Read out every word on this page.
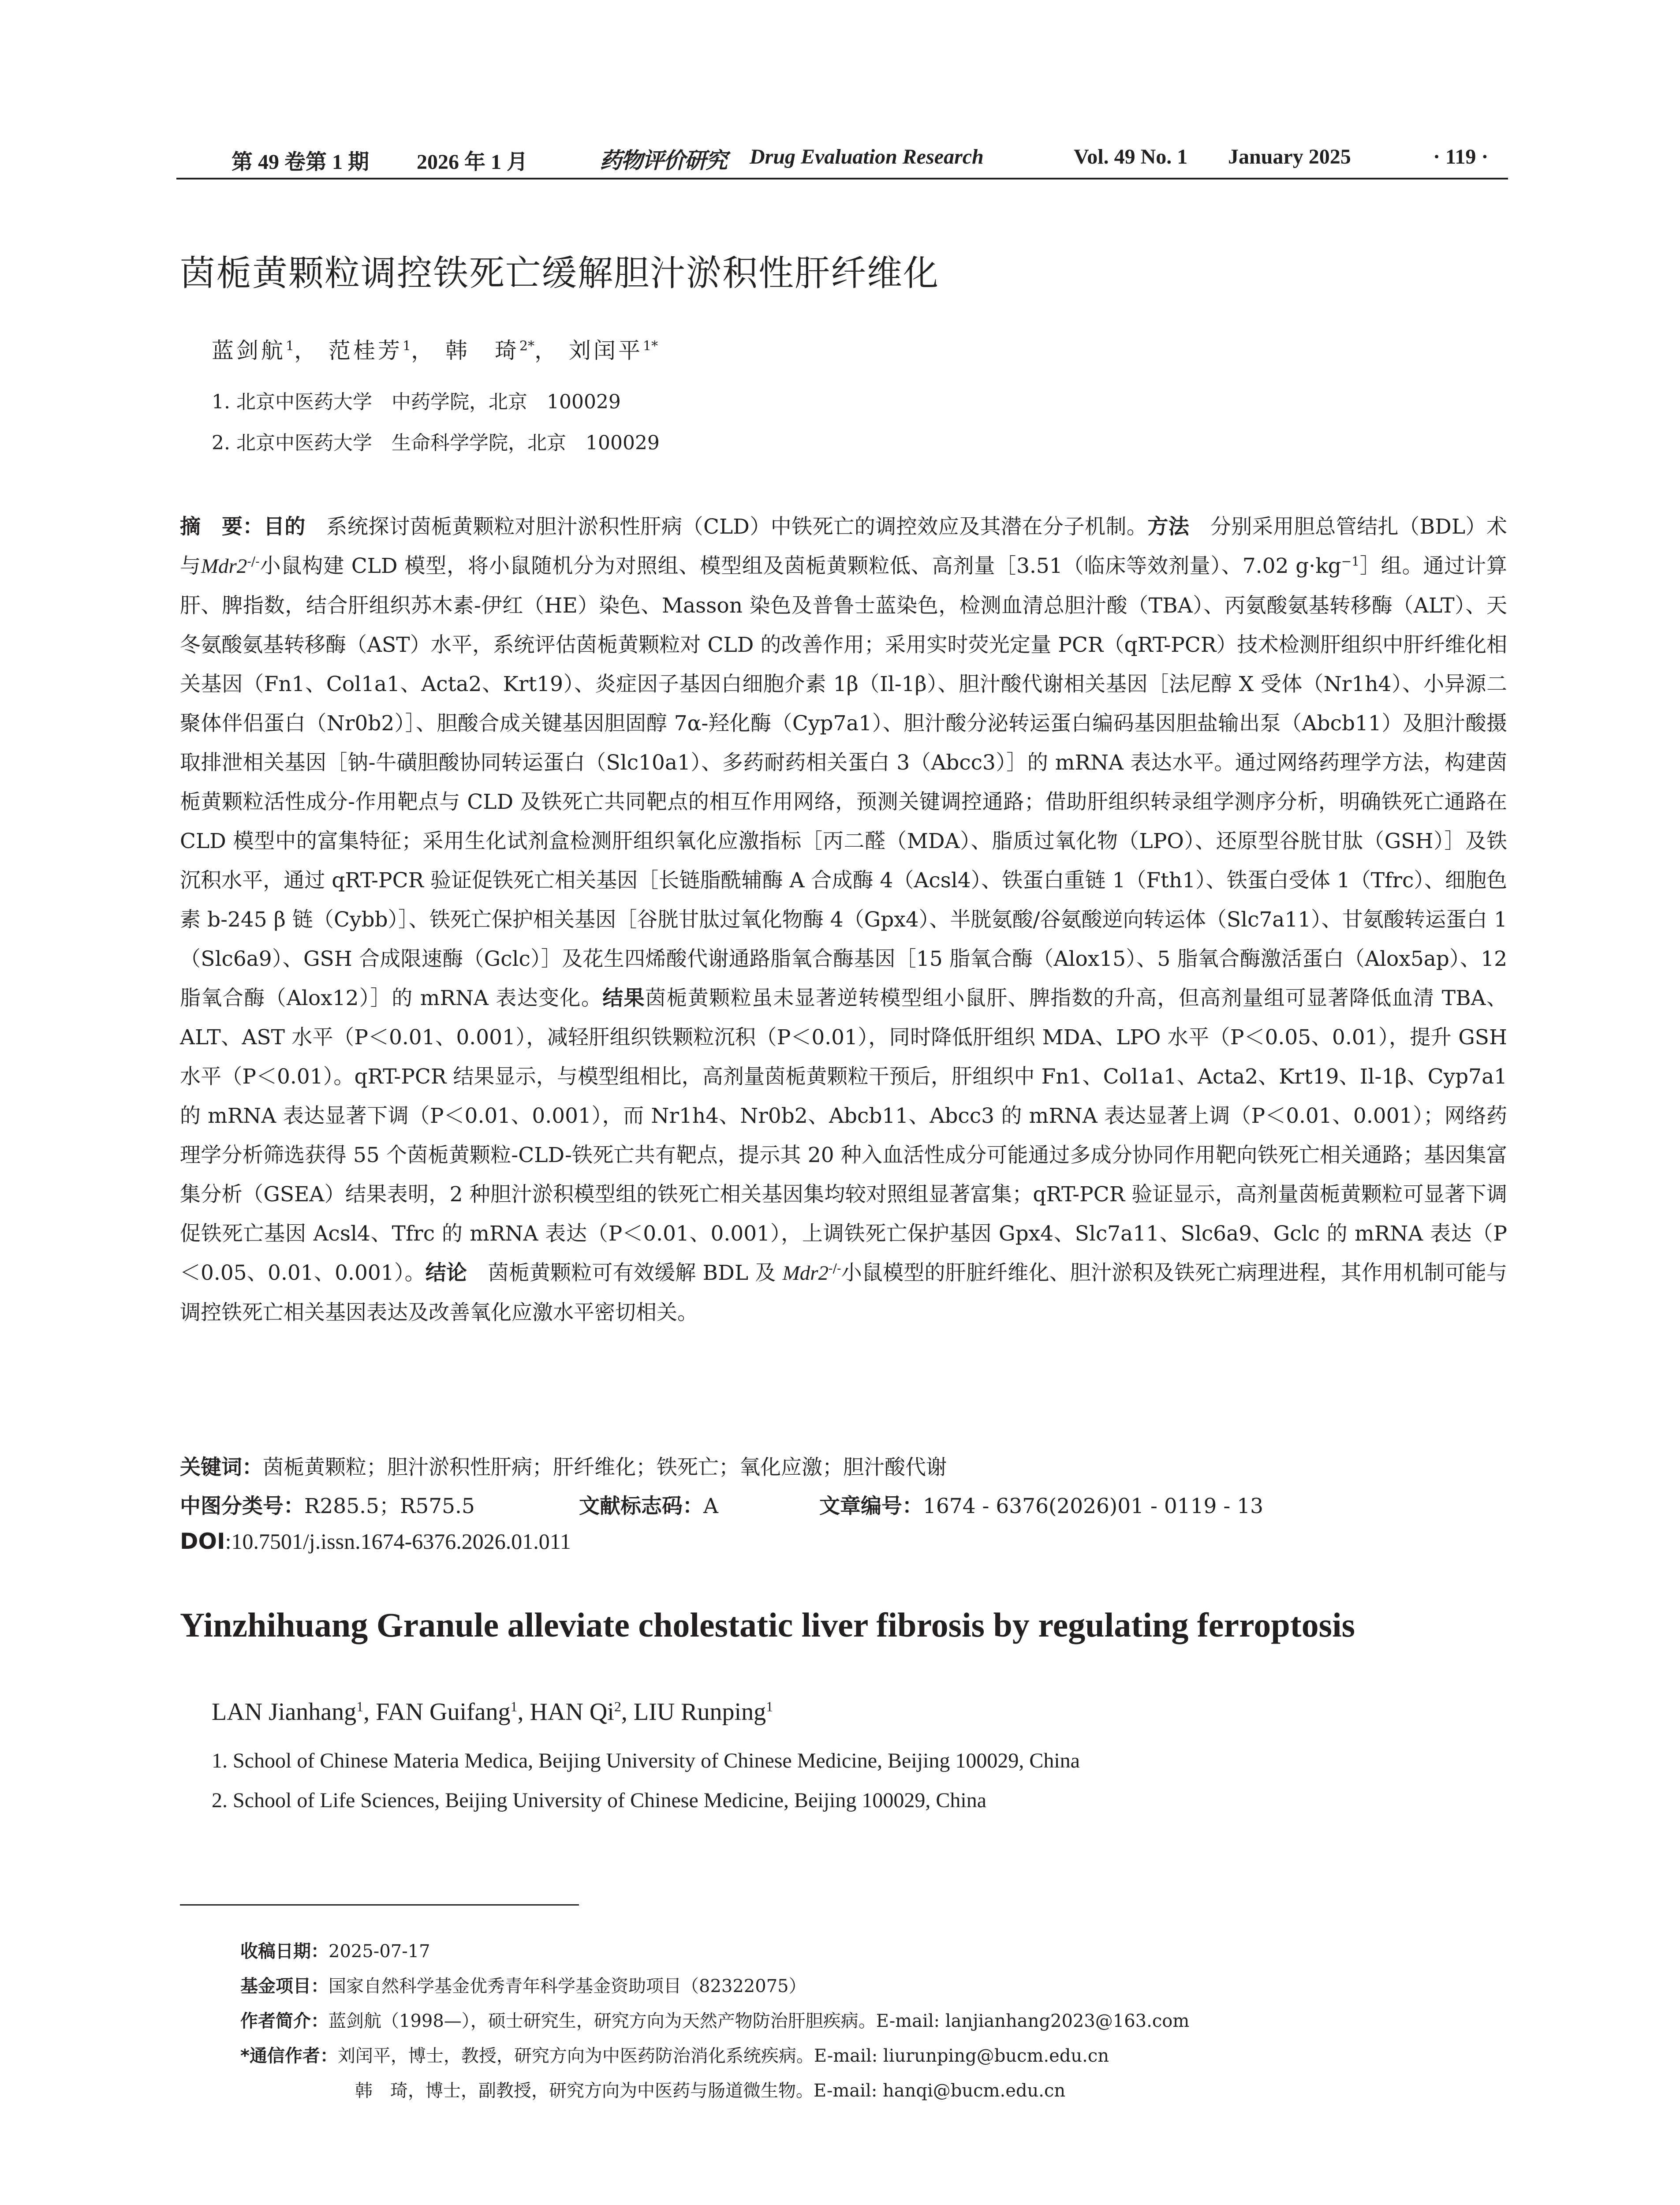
第 49 卷第 1 期 2026 年 1 月	药物评价研究 Drug Evaluation Research	Vol. 49 No. 1 January 2025	· 119 ·
茵栀黄颗粒调控铁死亡缓解胆汁淤积性肝纤维化
蓝剑航$^1$， 范桂芳$^1$， 韩　琦$^{2*}$， 刘闰平$^{1*}$
1. 北京中医药大学　中药学院，北京　100029
2. 北京中医药大学　生命科学学院，北京　100029
摘　要：目的　 系统探讨茵栀黄颗粒对胆汁淤积性肝病（CLD）中铁死亡的调控效应及其潜在分子机制。方法　 分别采用胆总管结扎（BDL）术与Mdr2-/-小鼠构建 CLD 模型，将小鼠随机分为对照组、模型组及茵栀黄颗粒低、高剂量［3.51（临床等效剂量）、7.02 $g\cdot kg^{-1}]$组。通过计算肝、脾指数，结合肝组织苏木素-伊红（HE）染色、Masson 染色及普鲁士蓝染色，检测血清总胆汁酸（TBA）、丙氨酸氨基转移酶（ALT）、天冬氨酸氨基转移酶（AST）水平，系统评估茵栀黄颗粒对 CLD 的改善作用；采用实时荧光定量 PCR（qRT-PCR）技术检测肝组织中肝纤维化相关基因（Fn1、Col1a1、Acta2、Krt19）、炎症因子基因白细胞介素 1β（Il-1β）、胆汁酸代谢相关基因［法尼醇 X 受体（Nr1h4）、小异源二聚体伴侣蛋白（Nr0b2）］、胆酸合成关键基因胆固醇 7α-羟化酶（Cyp7a1）、胆汁酸分泌转运蛋白编码基因胆盐输出泵（Abcb11）及胆汁酸摄取排泄相关基因［钠-牛磺胆酸协同转运蛋白（Slc10a1）、多药耐药相关蛋白 3（Abcc3）］的 mRNA 表达水平。通过网络药理学方法，构建茵栀黄颗粒活性成分-作用靶点与 CLD 及铁死亡共同靶点的相互作用网络，预测关键调控通路；借助肝组织转录组学测序分析，明确铁死亡通路在 CLD 模型中的富集特征；采用生化试剂盒检测肝组织氧化应激指标［丙二醛（MDA）、脂质过氧化物（LPO）、还原型谷胱甘肽（GSH）］及铁沉积水平，通过 qRT-PCR 验证促铁死亡相关基因［长链脂酰辅酶 A 合成酶 4（Acsl4）、铁蛋白重链 1（Fth1）、铁蛋白受体 1（Tfrc）、细胞色素 b-245 β 链（Cybb）］、铁死亡保护相关基因［谷胱甘肽过氧化物酶 4（Gpx4）、半胱氨酸/谷氨酸逆向转运体（Slc7a11）、甘氨酸转运蛋白 1（Slc6a9）、GSH 合成限速酶（Gclc）］及花生四烯酸代谢通路脂氧合酶基因［15 脂氧合酶（Alox15）、5 脂氧合酶激活蛋白（Alox5ap）、12 脂氧合酶（Alox12）］的 mRNA 表达变化。结果茵栀黄颗粒虽未显著逆转模型组小鼠肝、脾指数的升高，但高剂量组可显著降低血清 TBA、ALT、AST 水平（P＜0.01、0.001），减轻肝组织铁颗粒沉积（P＜0.01），同时降低肝组织 MDA、LPO 水平（P＜0.05、0.01），提升 GSH 水平（P＜0.01）。qRT-PCR 结果显示，与模型组相比，高剂量茵栀黄颗粒干预后，肝组织中 Fn1、Col1a1、Acta2、Krt19、Il-1β、Cyp7a1 的 mRNA 表达显著下调（P＜0.01、0.001），而 Nr1h4、Nr0b2、Abcb11、Abcc3 的 mRNA 表达显著上调（P＜0.01、0.001）；网络药理学分析筛选获得 55 个茵栀黄颗粒-CLD-铁死亡共有靶点，提示其 20 种入血活性成分可能通过多成分协同作用靶向铁死亡相关通路；基因集富集分析（GSEA）结果表明，2 种胆汁淤积模型组的铁死亡相关基因集均较对照组显著富集；qRT-PCR 验证显示，高剂量茵栀黄颗粒可显著下调促铁死亡基因 Acsl4、Tfrc 的 mRNA 表达（P＜0.01、0.001），上调铁死亡保护基因 Gpx4、Slc7a11、Slc6a9、Gclc 的 mRNA 表达（P＜0.05、0.01、0.001）。结论　 茵栀黄颗粒可有效缓解 BDL 及 Mdr2-/-小鼠模型的肝脏纤维化、胆汁淤积及铁死亡病理进程，其作用机制可能与调控铁死亡相关基因表达及改善氧化应激水平密切相关。
关键词：茵栀黄颗粒；胆汁淤积性肝病；肝纤维化；铁死亡；氧化应激；胆汁酸代谢
中图分类号：R285.5；R575.5	文献标志码：A	文章编号：1674 - 6376(2026)01 - 0119 - 13
DOI:10.7501/j.issn.1674-6376.2026.01.011
Yinzhihuang Granule alleviate cholestatic liver fibrosis by regulating ferroptosis
LAN Jianhang$^1$, FAN Guifang$^1$, HAN Qi$^2$, LIU Runping$^1$
1. School of Chinese Materia Medica, Beijing University of Chinese Medicine, Beijing 100029, China
2. School of Life Sciences, Beijing University of Chinese Medicine, Beijing 100029, China
收稿日期：2025-07-17
基金项目：国家自然科学基金优秀青年科学基金资助项目（82322075）
作者简介：蓝剑航（1998—），硕士研究生，研究方向为天然产物防治肝胆疾病。E-mail: lanjianhang2023@163.com
*通信作者：刘闰平，博士，教授，研究方向为中医药防治消化系统疾病。E-mail: liurunping@bucm.edu.cn
韩　琦，博士，副教授，研究方向为中医药与肠道微生物。E-mail: hanqi@bucm.edu.cn
